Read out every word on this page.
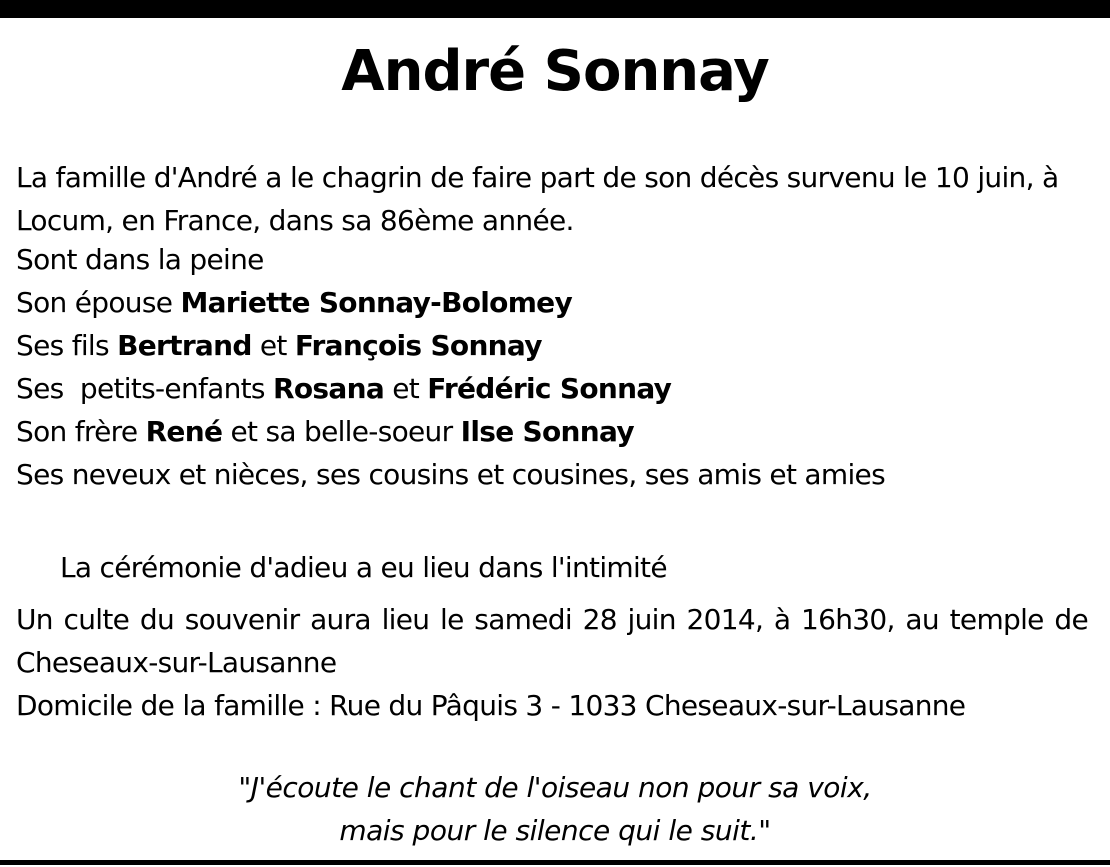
André Sonnay
La famille d'André a le chagrin de faire part de son décès survenu le 10 juin, à Locum, en France, dans sa 86ème année.
Sont dans la peine
Son épouse Mariette Sonnay-Bolomey
Ses fils Bertrand et François Sonnay
Ses  petits-enfants Rosana et Frédéric Sonnay
Son frère René et sa belle-soeur Ilse Sonnay
Ses neveux et nièces, ses cousins et cousines, ses amis et amies
La cérémonie d'adieu a eu lieu dans l'intimité
Un culte du souvenir aura lieu le samedi 28 juin 2014, à 16h30, au temple de Cheseaux-sur-Lausanne
Domicile de la famille : Rue du Pâquis 3 - 1033 Cheseaux-sur-Lausanne
"J'écoute le chant de l'oiseau non pour sa voix,
mais pour le silence qui le suit."
